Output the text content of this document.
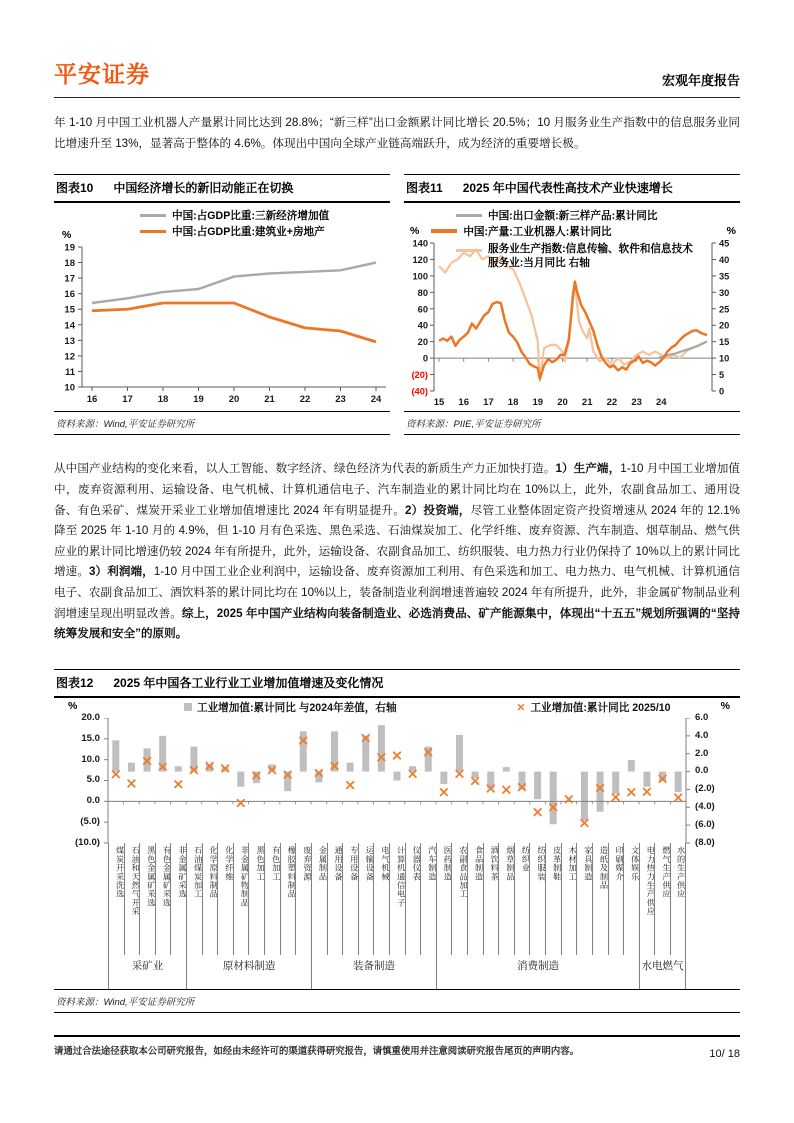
平安证券	宏观年度报告

年 1-10 月中国工业机器人产量累计同比达到 28.8%；“新三样”出口金额累计同比增长 20.5%；10 月服务业生产指数中的信息服务业同比增速升至 13%，显著高于整体的 4.6%。体现出中国向全球产业链高端跃升，成为经济的重要增长极。

图表10 中国经济增长的新旧动能正在切换
%
中国:占GDP比重:三新经济增加值
中国:占GDP比重:建筑业+房地产
19
18
17
16
15
14
13
12
11
10
16	17	18	19	20	21	22	23	24
资料来源：Wind,平安证券研究所
图表11 2025 年中国代表性高技术产业快速增长
中国:出口金额:新三样产品:累计同比
%	中国:产量:工业机器人:累计同比	%
服务业生产指数:信息传输、软件和信息技术
服务业:当月同比 右轴
140
120
100
80
60
40
20
0
(20)
(40)
45
40
35
30
25
20
15
10
5
0
15 16 17 18 19 20 21 22 23 24
资料来源：PIIE,平安证券研究所

从中国产业结构的变化来看，以人工智能、数字经济、绿色经济为代表的新质生产力正加快打造。1）生产端，1-10 月中国工业增加值中，废弃资源利用、运输设备、电气机械、计算机通信电子、汽车制造业的累计同比均在 10%以上，此外，农副食品加工、通用设备、有色采矿、煤炭开采业工业增加值增速比 2024 年有明显提升。2）投资端，尽管工业整体固定资产投资增速从 2024 年的 12.1%降至 2025 年 1-10 月的 4.9%，但 1-10 月有色采选、黑色采选、石油煤炭加工、化学纤维、废弃资源、汽车制造、烟草制品、燃气供应业的累计同比增速仍较 2024 年有所提升，此外，运输设备、农副食品加工、纺织服装、电力热力行业仍保持了 10%以上的累计同比增速。3）利润端，1-10 月中国工业企业利润中，运输设备、废弃资源加工利用、有色采选和加工、电力热力、电气机械、计算机通信电子、农副食品加工、酒饮料茶的累计同比均在 10%以上，装备制造业利润增速普遍较 2024 年有所提升，此外，非金属矿物制品业利润增速呈现出明显改善。综上，2025 年中国产业结构向装备制造业、必选消费品、矿产能源集中，体现出“十五五”规划所强调的“坚持统筹发展和安全”的原则。

图表12 2025 年中国各工业行业工业增加值增速及变化情况
%	工业增加值:累计同比 与2024年差值，右轴	✕ 工业增加值:累计同比 2025/10	%
20.0
15.0
10.0
5.0
0.0
(5.0)
(10.0)
6.0
4.0
2.0
0.0
(2.0)
(4.0)
(6.0)
(8.0)
煤炭开采洗选 石油和天然气开采 黑色金属矿采选 有色金属矿采选 非金属矿采选 石油煤炭加工 化学原料制品 化学纤维 非金属矿物制品 黑色加工 有色加工 橡胶塑料制品 废弃资源 金属制品 通用设备 专用设备 运输设备 电气机械 计算机通信电子 仪器仪表 汽车制造 医药制造 农副食品加工 食品制造 酒饮料茶 烟草制品 纺织业 纺织服装 皮革制鞋 木材加工 家具制造 造纸及制品 印刷媒介 文体娱乐 电力热力生产供应 燃气生产供应 水的生产供应
采矿业	原材料制造	装备制造	消费制造	水电燃气
资料来源：Wind,平安证券研究所
请通过合法途径获取本公司研究报告，如经由未经许可的渠道获得研究报告，请慎重使用并注意阅读研究报告尾页的声明内容。	10/ 18
